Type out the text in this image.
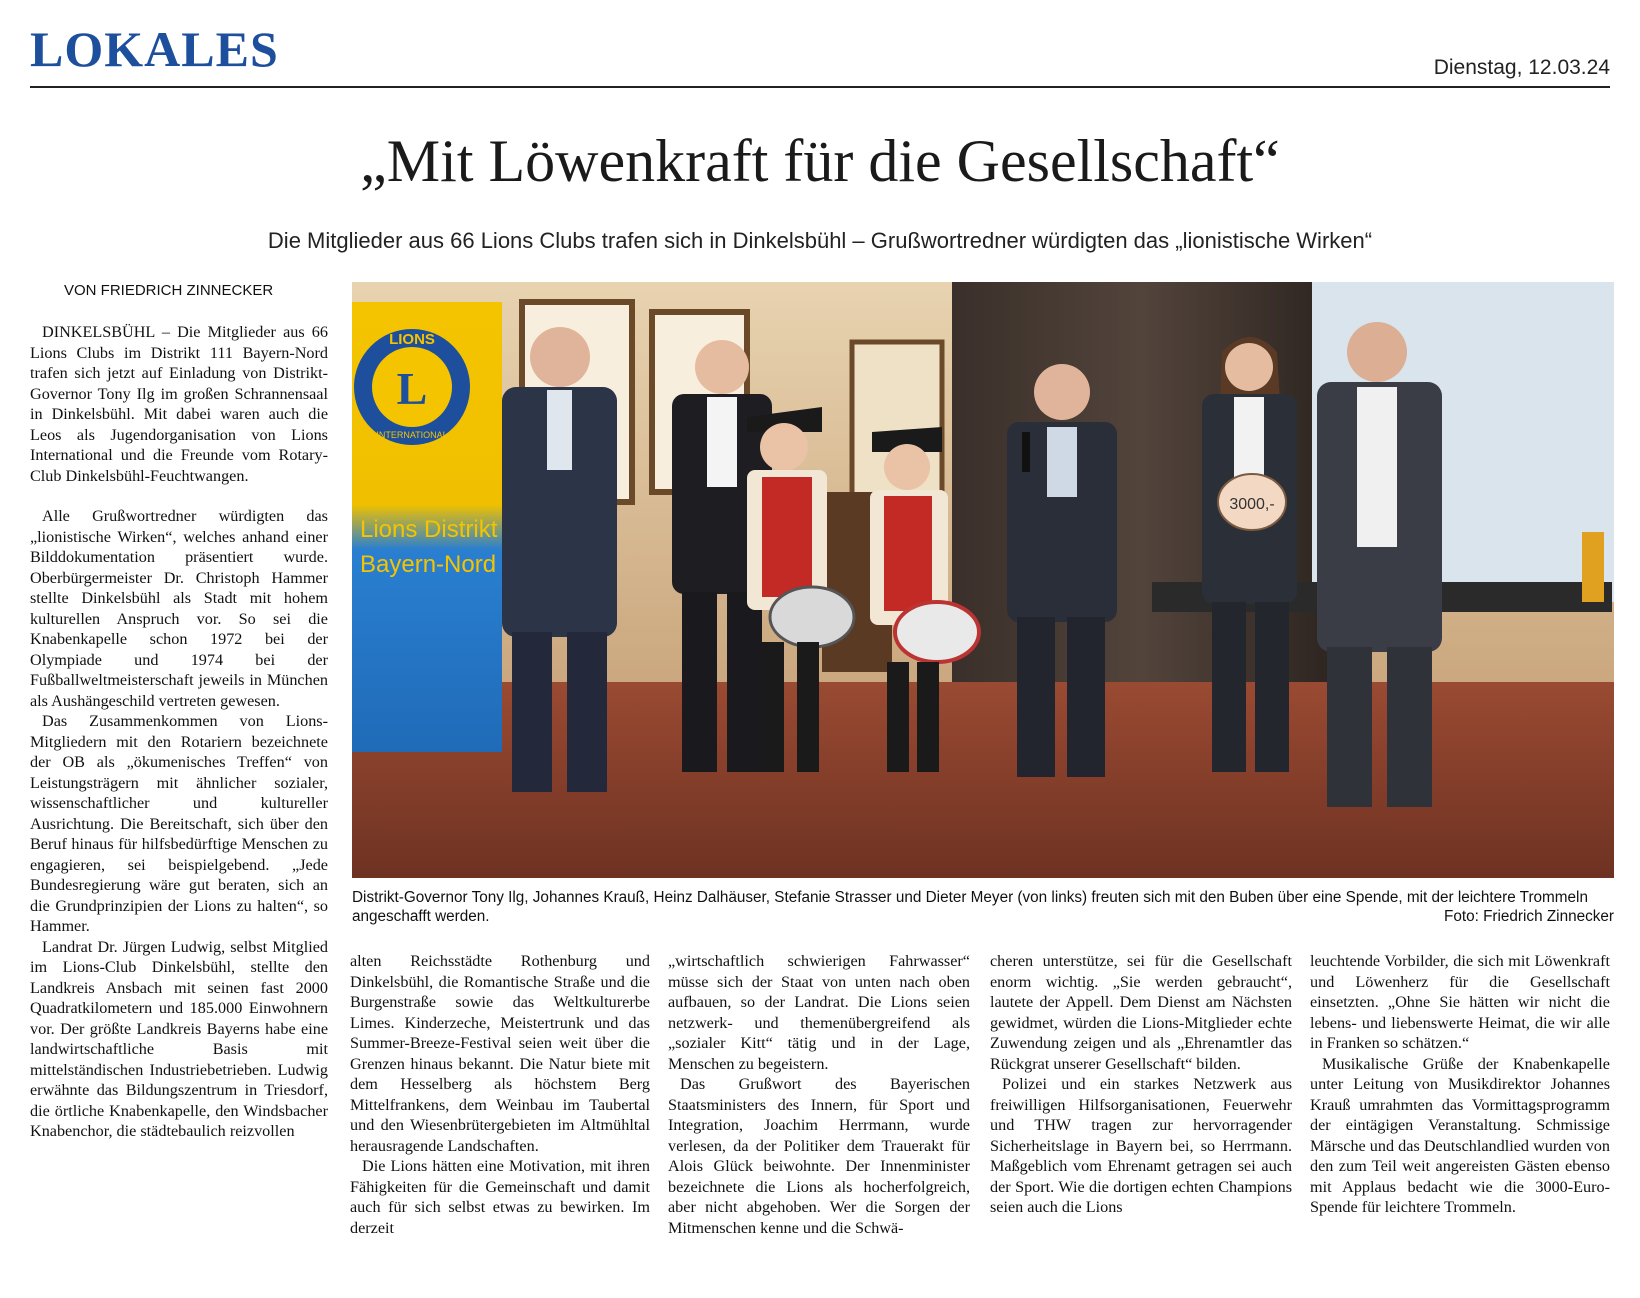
LOKALES	Dienstag, 12.03.24
„Mit Löwenkraft für die Gesellschaft“
Die Mitglieder aus 66 Lions Clubs trafen sich in Dinkelsbühl – Grußwortredner würdigten das „lionistische Wirken“
VON FRIEDRICH ZINNECKER

DINKELSBÜHL – Die Mitglieder aus 66 Lions Clubs im Distrikt 111 Bayern-Nord trafen sich jetzt auf Einladung von Distrikt-Governor Tony Ilg im großen Schrannensaal in Dinkelsbühl. Mit dabei waren auch die Leos als Jugendorganisation von Lions International und die Freunde vom Rotary-Club Dinkelsbühl-Feuchtwangen.

Alle Grußwortredner würdigten das „lionistische Wirken“, welches anhand einer Bilddokumentation präsentiert wurde. Oberbürgermeister Dr. Christoph Hammer stellte Dinkelsbühl als Stadt mit hohem kulturellen Anspruch vor. So sei die Knabenkapelle schon 1972 bei der Olympiade und 1974 bei der Fußballweltmeisterschaft jeweils in München als Aushängeschild vertreten gewesen.

Das Zusammenkommen von Lions-Mitgliedern mit den Rotariern bezeichnete der OB als „ökumenisches Treffen“ von Leistungsträgern mit ähnlicher sozialer, wissenschaftlicher und kultureller Ausrichtung. Die Bereitschaft, sich über den Beruf hinaus für hilfsbedürftige Menschen zu engagieren, sei beispielgebend. „Jede Bundesregierung wäre gut beraten, sich an die Grundprinzipien der Lions zu halten“, so Hammer.

Landrat Dr. Jürgen Ludwig, selbst Mitglied im Lions-Club Dinkelsbühl, stellte den Landkreis Ansbach mit seinen fast 2000 Quadratkilometern und 185.000 Einwohnern vor. Der größte Landkreis Bayerns habe eine landwirtschaftliche Basis mit mittelständischen Industriebetrieben. Ludwig erwähnte das Bildungszentrum in Triesdorf, die örtliche Knabenkapelle, den Windsbacher Knabenchor, die städtebaulich reizvollen

L
LIONS
INTERNATIONAL
Lions Distrikt
Bayern-Nord
3000,-
Distrikt-Governor Tony Ilg, Johannes Krauß, Heinz Dalhäuser, Stefanie Strasser und Dieter Meyer (von links) freuten sich mit den Buben über eine Spende, mit der leichtere Trommeln angeschafft werden.	Foto: Friedrich Zinnecker

alten Reichsstädte Rothenburg und Dinkelsbühl, die Romantische Straße und die Burgenstraße sowie das Weltkulturerbe Limes. Kinderzeche, Meistertrunk und das Summer-Breeze-Festival seien weit über die Grenzen hinaus bekannt. Die Natur biete mit dem Hesselberg als höchstem Berg Mittelfrankens, dem Weinbau im Taubertal und den Wiesenbrütergebieten im Altmühltal herausragende Landschaften.

Die Lions hätten eine Motivation, mit ihren Fähigkeiten für die Gemeinschaft und damit auch für sich selbst etwas zu bewirken. Im derzeit

„wirtschaftlich schwierigen Fahrwasser“ müsse sich der Staat von unten nach oben aufbauen, so der Landrat. Die Lions seien netzwerk- und themenübergreifend als „sozialer Kitt“ tätig und in der Lage, Menschen zu begeistern.

Das Grußwort des Bayerischen Staatsministers des Innern, für Sport und Integration, Joachim Herrmann, wurde verlesen, da der Politiker dem Trauerakt für Alois Glück beiwohnte. Der Innenminister bezeichnete die Lions als hocherfolgreich, aber nicht abgehoben. Wer die Sorgen der Mitmenschen kenne und die Schwä-

cheren unterstütze, sei für die Gesellschaft enorm wichtig. „Sie werden gebraucht“, lautete der Appell. Dem Dienst am Nächsten gewidmet, würden die Lions-Mitglieder echte Zuwendung zeigen und als „Ehrenamtler das Rückgrat unserer Gesellschaft“ bilden.

Polizei und ein starkes Netzwerk aus freiwilligen Hilfsorganisationen, Feuerwehr und THW tragen zur hervorragender Sicherheitslage in Bayern bei, so Herrmann. Maßgeblich vom Ehrenamt getragen sei auch der Sport. Wie die dortigen echten Champions seien auch die Lions

leuchtende Vorbilder, die sich mit Löwenkraft und Löwenherz für die Gesellschaft einsetzten. „Ohne Sie hätten wir nicht die lebens- und liebenswerte Heimat, die wir alle in Franken so schätzen.“

Musikalische Grüße der Knabenkapelle unter Leitung von Musikdirektor Johannes Krauß umrahmten das Vormittagsprogramm der eintägigen Veranstaltung. Schmissige Märsche und das Deutschlandlied wurden von den zum Teil weit angereisten Gästen ebenso mit Applaus bedacht wie die 3000-Euro-Spende für leichtere Trommeln.
